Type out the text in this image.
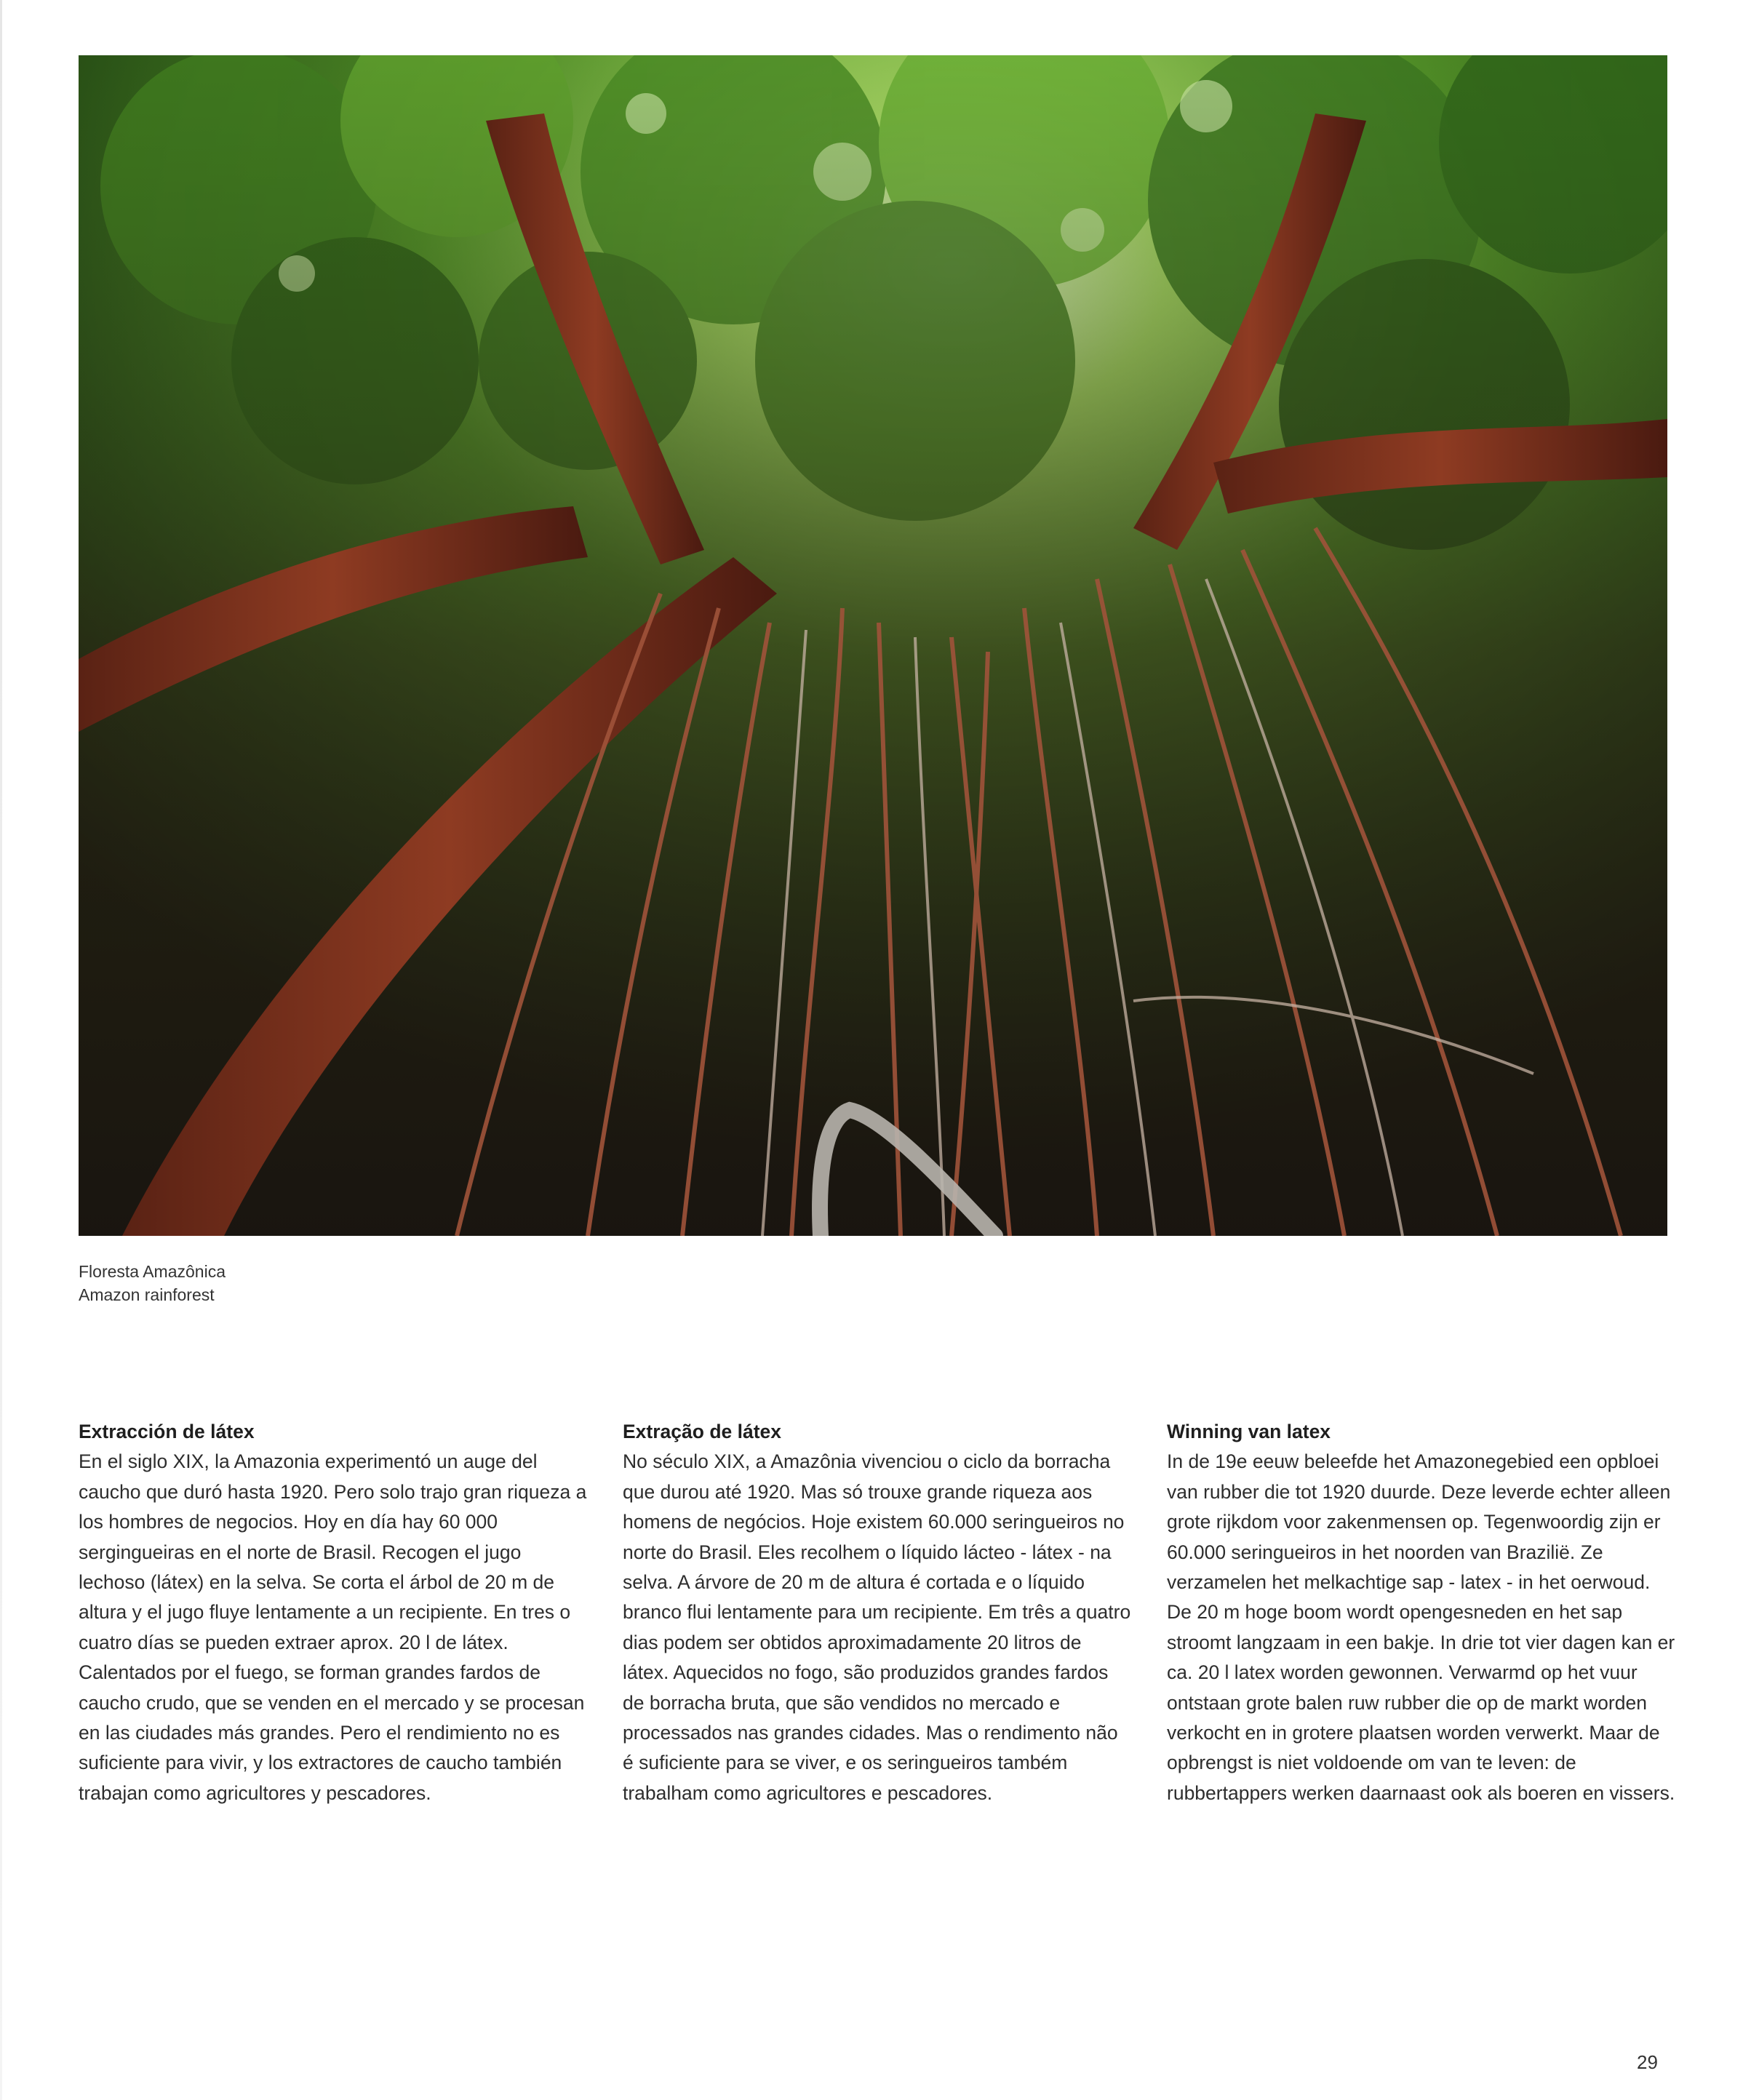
Floresta Amazônica
Amazon rainforest
Extracción de látex

En el siglo XIX, la Amazonia experimentó un auge del caucho que duró hasta 1920. Pero solo trajo gran riqueza a los hombres de negocios. Hoy en día hay 60 000 sergingueiras en el norte de Brasil. Recogen el jugo lechoso (látex) en la selva. Se corta el árbol de 20 m de altura y el jugo fluye lentamente a un recipiente. En tres o cuatro días se pueden extraer aprox. 20 l de látex. Calentados por el fuego, se forman grandes fardos de caucho crudo, que se venden en el mercado y se procesan en las ciudades más grandes. Pero el rendimiento no es suficiente para vivir, y los extractores de caucho también trabajan como agricultores y pescadores.

Extração de látex

No século XIX, a Amazônia vivenciou o ciclo da borracha que durou até 1920. Mas só trouxe grande riqueza aos homens de negócios. Hoje existem 60.000 seringueiros no norte do Brasil. Eles recolhem o líquido lácteo - látex - na selva. A árvore de 20 m de altura é cortada e o líquido branco flui lentamente para um recipiente. Em três a quatro dias podem ser obtidos aproximadamente 20 litros de látex. Aquecidos no fogo, são produzidos grandes fardos de borracha bruta, que são vendidos no mercado e processados nas grandes cidades. Mas o rendimento não é suficiente para se viver, e os seringueiros também trabalham como agricultores e pescadores.

Winning van latex

In de 19e eeuw beleefde het Amazonegebied een opbloei van rubber die tot 1920 duurde. Deze leverde echter alleen grote rijkdom voor zakenmensen op. Tegenwoordig zijn er 60.000 seringueiros in het noorden van Brazilië. Ze verzamelen het melkachtige sap - latex - in het oerwoud. De 20 m hoge boom wordt opengesneden en het sap stroomt langzaam in een bakje. In drie tot vier dagen kan er ca. 20 l latex worden gewonnen. Verwarmd op het vuur ontstaan grote balen ruw rubber die op de markt worden verkocht en in grotere plaatsen worden verwerkt. Maar de opbrengst is niet voldoende om van te leven: de rubbertappers werken daarnaast ook als boeren en vissers.

29
